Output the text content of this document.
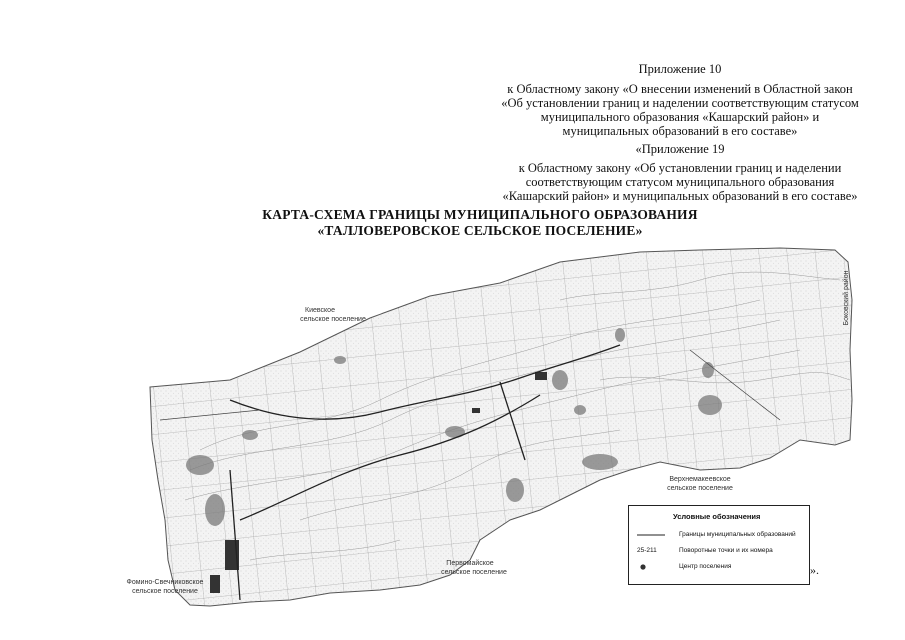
Приложение 10
к Областному закону «О внесении изменений в Областной закон
«Об установлении границ и наделении соответствующим статусом
муниципального образования «Кашарский район» и
муниципальных образований в его составе»
«Приложение 19
к Областному закону «Об установлении границ и наделении
соответствующим статусом муниципального образования
«Кашарский район» и муниципальных образований в его составе»
КАРТА-СХЕМА ГРАНИЦЫ МУНИЦИПАЛЬНОГО ОБРАЗОВАНИЯ
«ТАЛЛОВЕРОВСКОЕ СЕЛЬСКОЕ ПОСЕЛЕНИЕ»
Киевское
сельское поселение
Верхнемакеевское
сельское поселение
Первомайское
сельское поселение
Фомино-Свечниковское
сельское поселение
Боковский район
Условные обозначения
Границы муниципальных образований
25-211	Поворотные точки и их номера
Центр поселения	».
